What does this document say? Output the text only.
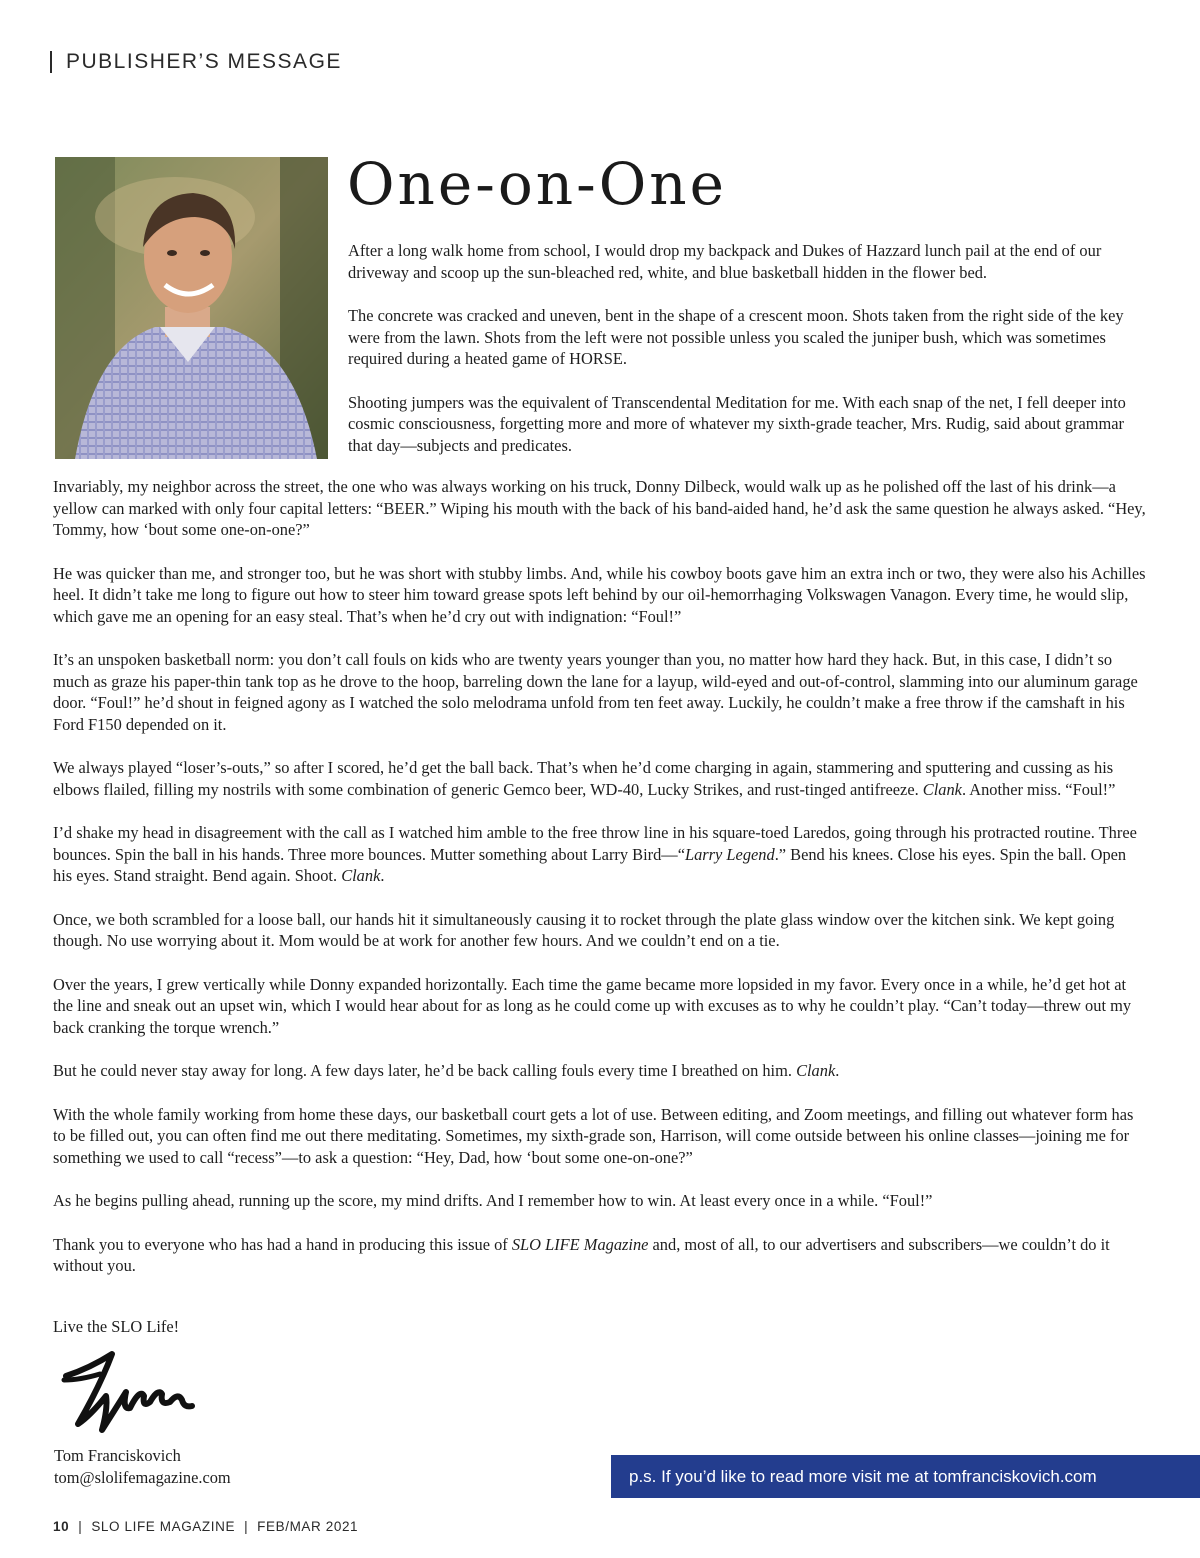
PUBLISHER’S MESSAGE
One-on-One

After a long walk home from school, I would drop my backpack and Dukes of Hazzard lunch pail at the end of our driveway and scoop up the sun-bleached red, white, and blue basketball hidden in the flower bed.

The concrete was cracked and uneven, bent in the shape of a crescent moon. Shots taken from the right side of the key were from the lawn. Shots from the left were not possible unless you scaled the juniper bush, which was sometimes required during a heated game of HORSE.

Shooting jumpers was the equivalent of Transcendental Meditation for me. With each snap of the net, I fell deeper into cosmic consciousness, forgetting more and more of whatever my sixth-grade teacher, Mrs. Rudig, said about grammar that day—subjects and predicates.

Invariably, my neighbor across the street, the one who was always working on his truck, Donny Dilbeck, would walk up as he polished off the last of his drink—a yellow can marked with only four capital letters: “BEER.” Wiping his mouth with the back of his band-aided hand, he’d ask the same question he always asked. “Hey, Tommy, how ‘bout some one-on-one?”

He was quicker than me, and stronger too, but he was short with stubby limbs. And, while his cowboy boots gave him an extra inch or two, they were also his Achilles heel. It didn’t take me long to figure out how to steer him toward grease spots left behind by our oil-hemorrhaging Volkswagen Vanagon. Every time, he would slip, which gave me an opening for an easy steal. That’s when he’d cry out with indignation: “Foul!”

It’s an unspoken basketball norm: you don’t call fouls on kids who are twenty years younger than you, no matter how hard they hack. But, in this case, I didn’t so much as graze his paper-thin tank top as he drove to the hoop, barreling down the lane for a layup, wild-eyed and out-of-control, slamming into our aluminum garage door. “Foul!” he’d shout in feigned agony as I watched the solo melodrama unfold from ten feet away. Luckily, he couldn’t make a free throw if the camshaft in his Ford F150 depended on it.

We always played “loser’s-outs,” so after I scored, he’d get the ball back. That’s when he’d come charging in again, stammering and sputtering and cussing as his elbows flailed, filling my nostrils with some combination of generic Gemco beer, WD-40, Lucky Strikes, and rust-tinged antifreeze. Clank. Another miss. “Foul!”

I’d shake my head in disagreement with the call as I watched him amble to the free throw line in his square-toed Laredos, going through his protracted routine. Three bounces. Spin the ball in his hands. Three more bounces. Mutter something about Larry Bird—“Larry Legend.” Bend his knees. Close his eyes. Spin the ball. Open his eyes. Stand straight. Bend again. Shoot. Clank.

Once, we both scrambled for a loose ball, our hands hit it simultaneously causing it to rocket through the plate glass window over the kitchen sink. We kept going though. No use worrying about it. Mom would be at work for another few hours. And we couldn’t end on a tie.

Over the years, I grew vertically while Donny expanded horizontally. Each time the game became more lopsided in my favor. Every once in a while, he’d get hot at the line and sneak out an upset win, which I would hear about for as long as he could come up with excuses as to why he couldn’t play. “Can’t today—threw out my back cranking the torque wrench.”

But he could never stay away for long. A few days later, he’d be back calling fouls every time I breathed on him. Clank.

With the whole family working from home these days, our basketball court gets a lot of use. Between editing, and Zoom meetings, and filling out whatever form has to be filled out, you can often find me out there meditating. Sometimes, my sixth-grade son, Harrison, will come outside between his online classes—joining me for something we used to call “recess”—to ask a question: “Hey, Dad, how ‘bout some one-on-one?”

As he begins pulling ahead, running up the score, my mind drifts. And I remember how to win. At least every once in a while. “Foul!”

Thank you to everyone who has had a hand in producing this issue of SLO LIFE Magazine and, most of all, to our advertisers and subscribers—we couldn’t do it without you.

Live the SLO Life!

Tom Franciskovich
tom@slolifemagazine.com	p.s. If you’d like to read more visit me at tomfranciskovich.com
10 | SLO LIFE MAGAZINE | FEB/MAR 2021
